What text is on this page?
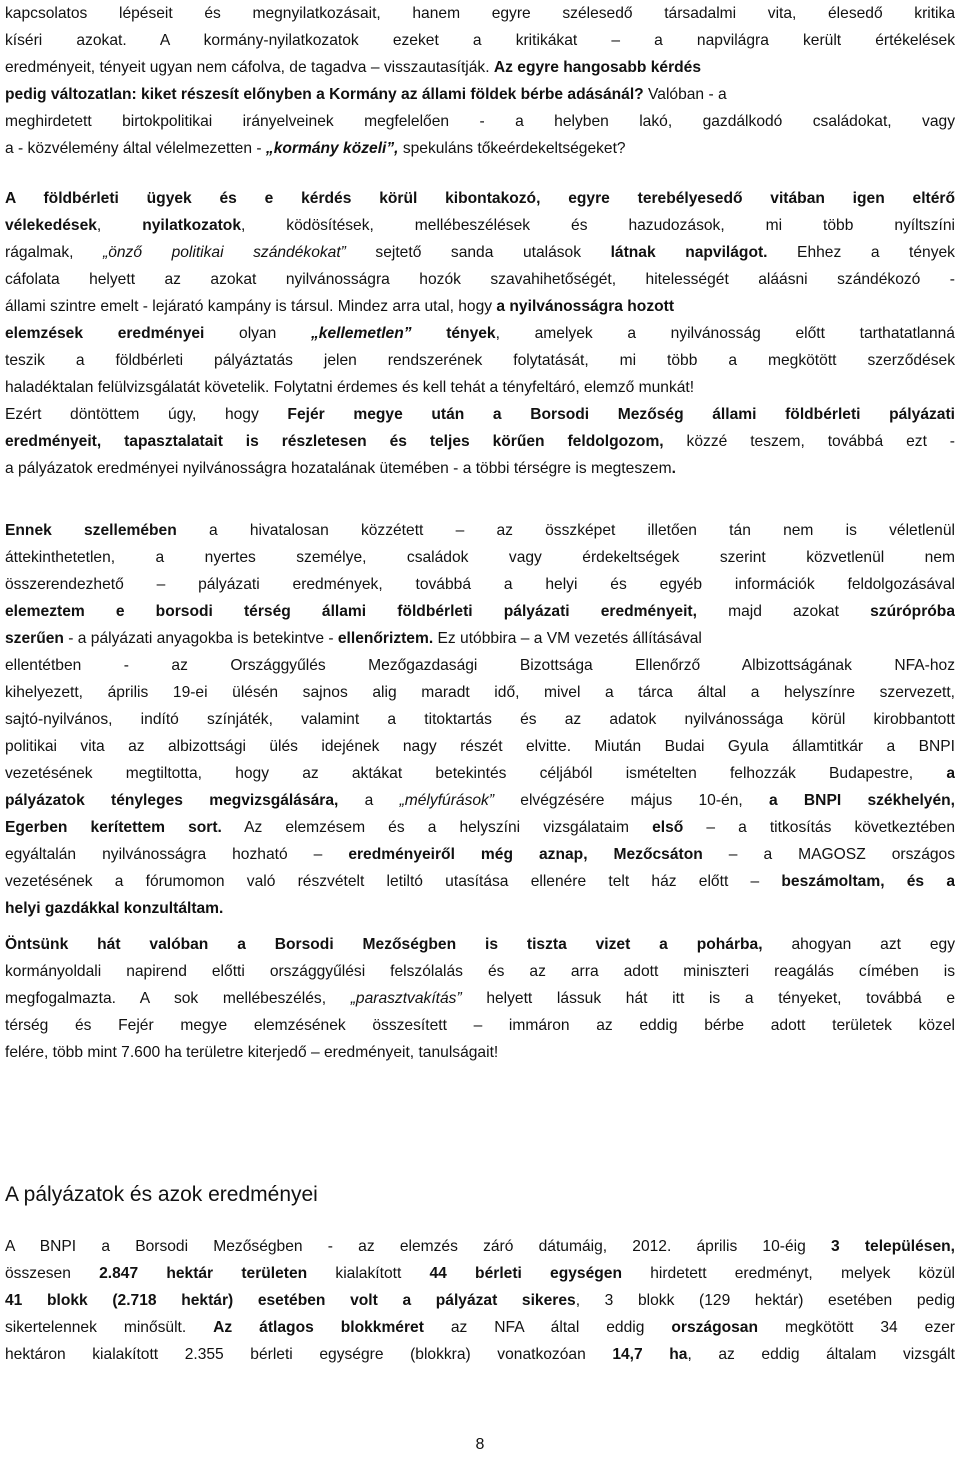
kapcsolatos lépéseit és megnyilatkozásait, hanem egyre szélesedő társadalmi vita, élesedő kritika
kíséri azokat. A kormány-nyilatkozatok ezeket a kritikákat – a napvilágra került értékelések
eredményeit, tényeit ugyan nem cáfolva, de tagadva – visszautasítják. Az egyre hangosabb kérdés
pedig változatlan: kiket részesít előnyben a Kormány az állami földek bérbe adásánál? Valóban - a
meghirdetett birtokpolitikai irányelveinek megfelelően - a helyben lakó, gazdálkodó családokat, vagy
a - közvélemény által vélelmezetten - „kormány közeli”, spekuláns tőkeérdekeltségeket?
A földbérleti ügyek és e kérdés körül kibontakozó, egyre terebélyesedő vitában igen eltérő
vélekedések, nyilatkozatok, ködösítések, mellébeszélések és hazudozások, mi több nyíltszíni
rágalmak, „önző politikai szándékokat” sejtető sanda utalások látnak napvilágot. Ehhez a tények
cáfolata helyett az azokat nyilvánosságra hozók szavahihetőségét, hitelességét aláásni szándékozó -
állami szintre emelt - lejárató kampány is társul. Mindez arra utal, hogy a nyilvánosságra hozott
elemzések eredményei olyan „kellemetlen” tények, amelyek a nyilvánosság előtt tarthatatlanná
teszik a földbérleti pályáztatás jelen rendszerének folytatását, mi több a megkötött szerződések
haladéktalan felülvizsgálatát követelik. Folytatni érdemes és kell tehát a tényfeltáró, elemző munkát!
Ezért döntöttem úgy, hogy Fejér megye után a Borsodi Mezőség állami földbérleti pályázati
eredményeit, tapasztalatait is részletesen és teljes körűen feldolgozom, közzé teszem, továbbá ezt -
a pályázatok eredményei nyilvánosságra hozatalának ütemében - a többi térségre is megteszem.
Ennek szellemében a hivatalosan közzétett – az összképet illetően tán nem is véletlenül
áttekinthetetlen, a nyertes személye, családok vagy érdekeltségek szerint közvetlenül nem
összerendezhető – pályázati eredmények, továbbá a helyi és egyéb információk feldolgozásával
elemeztem e borsodi térség állami földbérleti pályázati eredményeit, majd azokat szúrópróba
szerűen - a pályázati anyagokba is betekintve - ellenőriztem. Ez utóbbira – a VM vezetés állításával
ellentétben - az Országgyűlés Mezőgazdasági Bizottsága Ellenőrző Albizottságának NFA-hoz
kihelyezett, április 19-ei ülésén sajnos alig maradt idő, mivel a tárca által a helyszínre szervezett,
sajtó-nyilvános, indító színjáték, valamint a titoktartás és az adatok nyilvánossága körül kirobbantott
politikai vita az albizottsági ülés idejének nagy részét elvitte. Miután Budai Gyula államtitkár a BNPI
vezetésének megtiltotta, hogy az aktákat betekintés céljából ismételten felhozzák Budapestre, a
pályázatok tényleges megvizsgálására, a „mélyfúrások” elvégzésére május 10-én, a BNPI székhelyén,
Egerben kerítettem sort. Az elemzésem és a helyszíni vizsgálataim első – a titkosítás következtében
egyáltalán nyilvánosságra hozható – eredményeiről még aznap, Mezőcsáton – a MAGOSZ országos
vezetésének a fórumomon való részvételt letiltó utasítása ellenére telt ház előtt – beszámoltam, és a
helyi gazdákkal konzultáltam.
Öntsünk hát valóban a Borsodi Mezőségben is tiszta vizet a pohárba, ahogyan azt egy
kormányoldali napirend előtti országgyűlési felszólalás és az arra adott miniszteri reagálás címében is
megfogalmazta. A sok mellébeszélés, „parasztvakítás” helyett lássuk hát itt is a tényeket, továbbá e
térség és Fejér megye elemzésének összesített – immáron az eddig bérbe adott területek közel
felére, több mint 7.600 ha területre kiterjedő – eredményeit, tanulságait!
A BNPI a Borsodi Mezőségben - az elemzés záró dátumáig, 2012. április 10-éig 3 településen,
összesen 2.847 hektár területen kialakított 44 bérleti egységen hirdetett eredményt, melyek közül
41 blokk (2.718 hektár) esetében volt a pályázat sikeres, 3 blokk (129 hektár) esetében pedig
sikertelennek minősült. Az átlagos blokkméret az NFA által eddig országosan megkötött 34 ezer
hektáron kialakított 2.355 bérleti egységre (blokkra) vonatkozóan 14,7 ha, az eddig általam vizsgált
A pályázatok és azok eredményei
8
